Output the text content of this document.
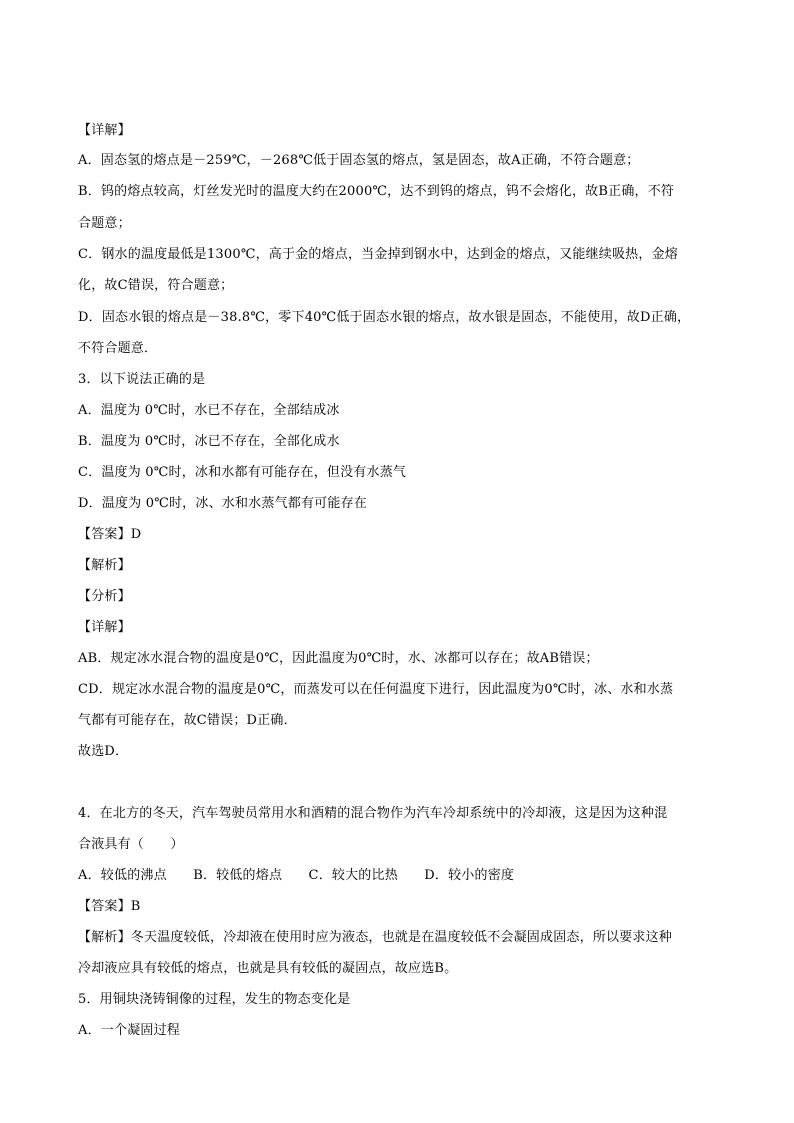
【详解】
A．固态氢的熔点是－259℃，－268℃低于固态氢的熔点，氢是固态，故A正确，不符合题意；
B．钨的熔点较高，灯丝发光时的温度大约在2000℃，达不到钨的熔点，钨不会熔化，故B正确，不符
合题意；
C．钢水的温度最低是1300℃，高于金的熔点，当金掉到钢水中，达到金的熔点，又能继续吸热，金熔
化，故C错误，符合题意；
D．固态水银的熔点是－38.8℃，零下40℃低于固态水银的熔点，故水银是固态，不能使用，故D正确，
不符合题意．
3．以下说法正确的是
A．温度为 0℃时，水已不存在，全部结成冰
B．温度为 0℃时，冰已不存在，全部化成水
C．温度为 0℃时，冰和水都有可能存在，但没有水蒸气
D．温度为 0℃时，冰、水和水蒸气都有可能存在
【答案】D
【解析】
【分析】
【详解】
AB．规定冰水混合物的温度是0℃，因此温度为0℃时，水、冰都可以存在；故AB错误；
CD．规定冰水混合物的温度是0℃，而蒸发可以在任何温度下进行，因此温度为0℃时，冰、水和水蒸
气都有可能存在，故C错误；D正确．
故选D．
4．在北方的冬天，汽车驾驶员常用水和酒精的混合物作为汽车冷却系统中的冷却液，这是因为这种混
合液具有（　　）
A．较低的沸点　　B．较低的熔点　　C．较大的比热　　D．较小的密度
【答案】B
【解析】冬天温度较低，冷却液在使用时应为液态，也就是在温度较低不会凝固成固态，所以要求这种
冷却液应具有较低的熔点，也就是具有较低的凝固点，故应选B。
5．用铜块浇铸铜像的过程，发生的物态变化是
A．一个凝固过程
